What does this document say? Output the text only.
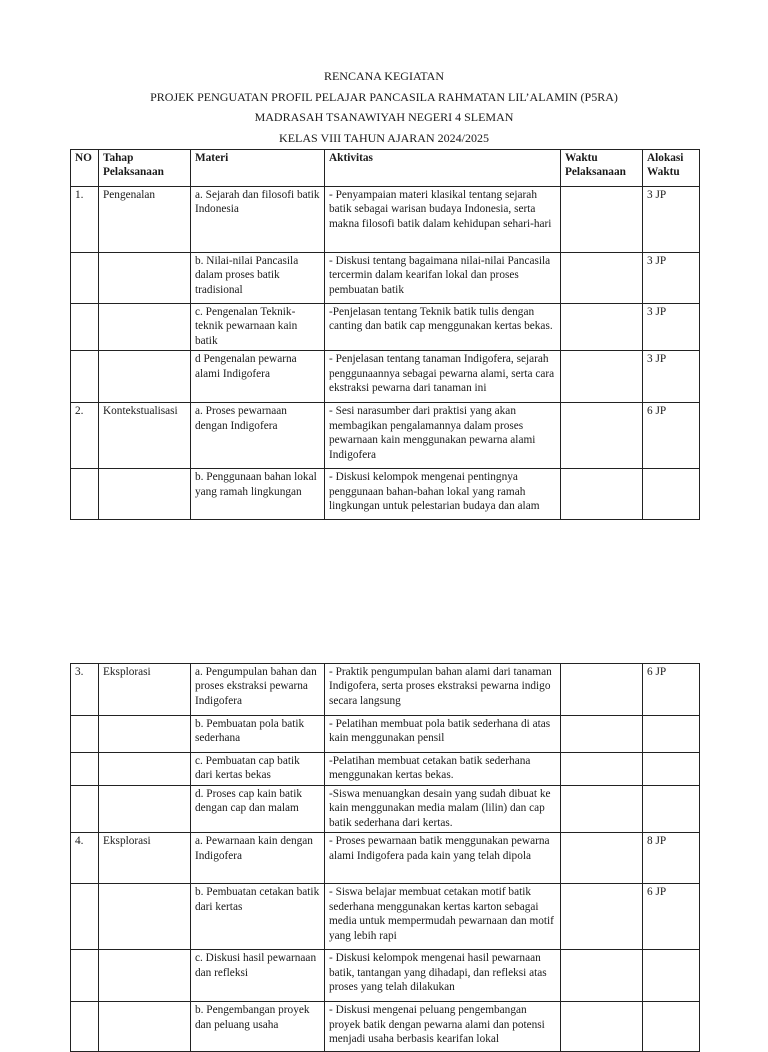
RENCANA KEGIATAN
PROJEK PENGUATAN PROFIL PELAJAR PANCASILA RAHMATAN LIL’ALAMIN (P5RA)
MADRASAH TSANAWIYAH NEGERI 4 SLEMAN
KELAS VIII TAHUN AJARAN 2024/2025
NO	Tahap Pelaksanaan	Materi	Aktivitas	Waktu Pelaksanaan	Alokasi Waktu
1.	Pengenalan	a. Sejarah dan filosofi batik Indonesia	- Penyampaian materi klasikal tentang sejarah batik sebagai warisan budaya Indonesia, serta makna filosofi batik dalam kehidupan sehari-hari		3 JP
		b. Nilai-nilai Pancasila dalam proses batik tradisional	- Diskusi tentang bagaimana nilai-nilai Pancasila tercermin dalam kearifan lokal dan proses pembuatan batik		3 JP
		c. Pengenalan Teknik-teknik pewarnaan kain batik	-Penjelasan tentang Teknik batik tulis dengan canting dan batik cap menggunakan kertas bekas.		3 JP
		d Pengenalan pewarna alami Indigofera	- Penjelasan tentang tanaman Indigofera, sejarah penggunaannya sebagai pewarna alami, serta cara ekstraksi pewarna dari tanaman ini		3 JP
2.	Kontekstualisasi	a. Proses pewarnaan dengan Indigofera	- Sesi narasumber dari praktisi yang akan membagikan pengalamannya dalam proses pewarnaan kain menggunakan pewarna alami Indigofera		6 JP
		b. Penggunaan bahan lokal yang ramah lingkungan	- Diskusi kelompok mengenai pentingnya penggunaan bahan-bahan lokal yang ramah lingkungan untuk pelestarian budaya dan alam		
3.	Eksplorasi	a. Pengumpulan bahan dan proses ekstraksi pewarna Indigofera	- Praktik pengumpulan bahan alami dari tanaman Indigofera, serta proses ekstraksi pewarna indigo secara langsung		6 JP
		b. Pembuatan pola batik sederhana	- Pelatihan membuat pola batik sederhana di atas kain menggunakan pensil		
		c. Pembuatan cap batik dari kertas bekas	-Pelatihan membuat cetakan batik sederhana menggunakan kertas bekas.		
		d. Proses cap kain batik dengan cap dan malam	-Siswa menuangkan desain yang sudah dibuat ke kain menggunakan media malam (lilin) dan cap batik sederhana dari kertas.		
4.	Eksplorasi	a. Pewarnaan kain dengan Indigofera	- Proses pewarnaan batik menggunakan pewarna alami Indigofera pada kain yang telah dipola		8 JP
		b. Pembuatan cetakan batik dari kertas	- Siswa belajar membuat cetakan motif batik sederhana menggunakan kertas karton sebagai media untuk mempermudah pewarnaan dan motif yang lebih rapi		6 JP
		c. Diskusi hasil pewarnaan dan refleksi	- Diskusi kelompok mengenai hasil pewarnaan batik, tantangan yang dihadapi, dan refleksi atas proses yang telah dilakukan		
		b. Pengembangan proyek dan peluang usaha	- Diskusi mengenai peluang pengembangan proyek batik dengan pewarna alami dan potensi menjadi usaha berbasis kearifan lokal		
